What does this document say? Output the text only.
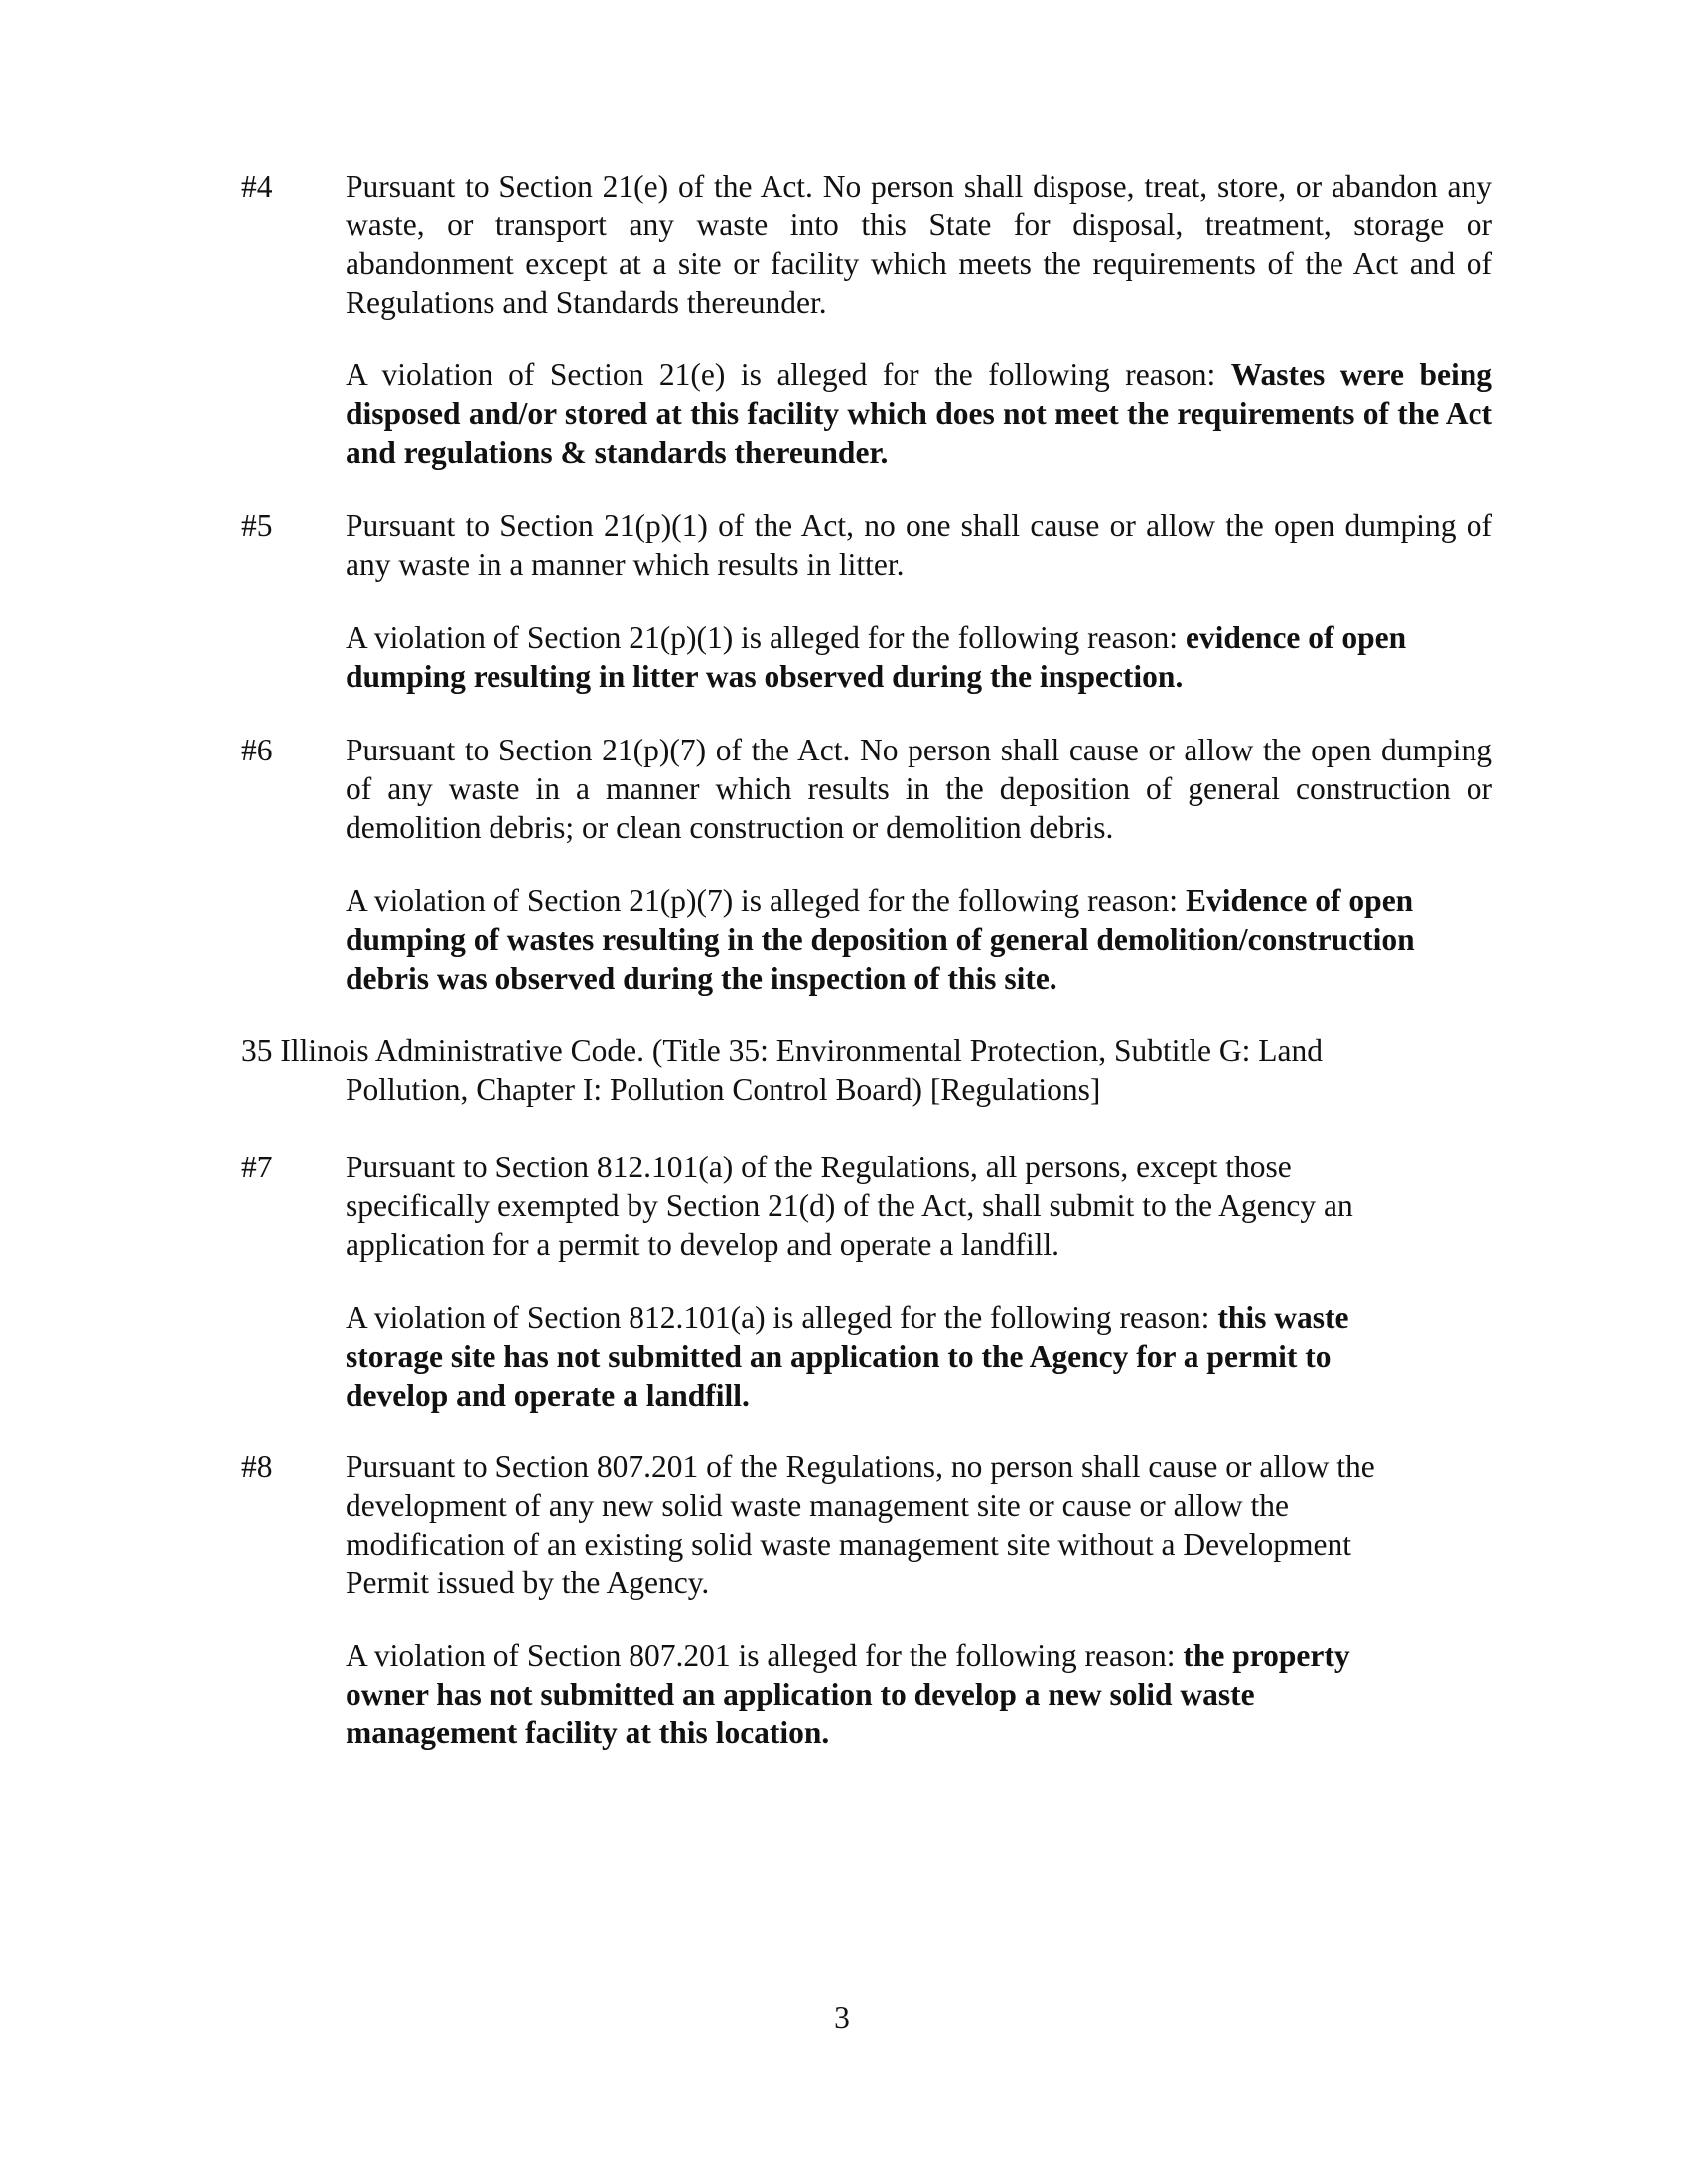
#4	Pursuant to Section 21(e) of the Act. No person shall dispose, treat, store, or abandon any waste, or transport any waste into this State for disposal, treatment, storage or abandonment except at a site or facility which meets the requirements of the Act and of Regulations and Standards thereunder.
A violation of Section 21(e) is alleged for the following reason: Wastes were being disposed and/or stored at this facility which does not meet the requirements of the Act and regulations & standards thereunder.
#5	Pursuant to Section 21(p)(1) of the Act, no one shall cause or allow the open dumping of any waste in a manner which results in litter.
A violation of Section 21(p)(1) is alleged for the following reason: evidence of open dumping resulting in litter was observed during the inspection.
#6	Pursuant to Section 21(p)(7) of the Act. No person shall cause or allow the open dumping of any waste in a manner which results in the deposition of general construction or demolition debris; or clean construction or demolition debris.
A violation of Section 21(p)(7) is alleged for the following reason: Evidence of open dumping of wastes resulting in the deposition of general demolition/construction debris was observed during the inspection of this site.
35 Illinois Administrative Code. (Title 35: Environmental Protection, Subtitle G: Land
Pollution, Chapter I: Pollution Control Board) [Regulations]
#7	Pursuant to Section 812.101(a) of the Regulations, all persons, except those specifically exempted by Section 21(d) of the Act, shall submit to the Agency an application for a permit to develop and operate a landfill.
A violation of Section 812.101(a) is alleged for the following reason: this waste storage site has not submitted an application to the Agency for a permit to develop and operate a landfill.
#8	Pursuant to Section 807.201 of the Regulations, no person shall cause or allow the development of any new solid waste management site or cause or allow the modification of an existing solid waste management site without a Development Permit issued by the Agency.
A violation of Section 807.201 is alleged for the following reason: the property owner has not submitted an application to develop a new solid waste management facility at this location.
3
